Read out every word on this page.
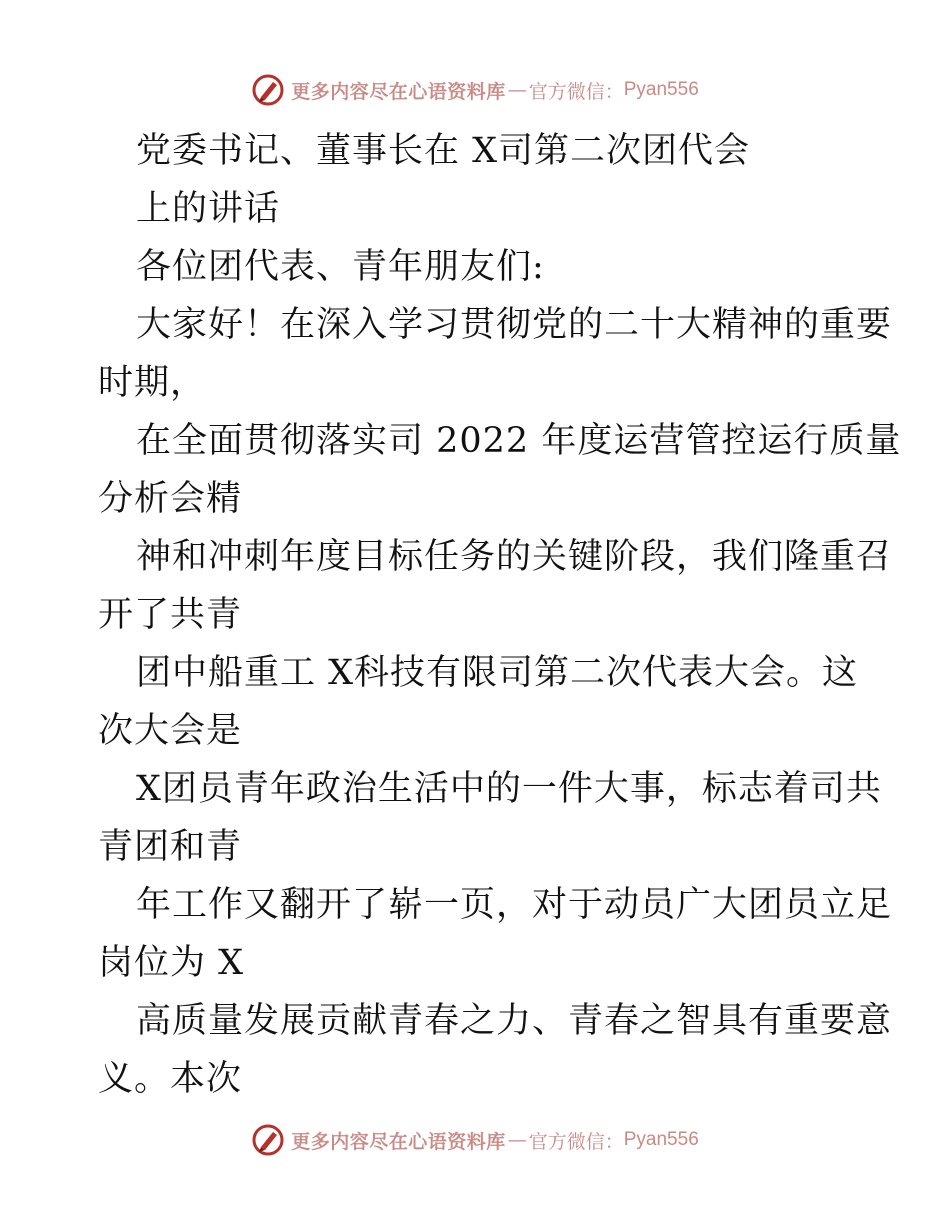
更多内容尽在心语资料库 — 官方微信： Pyan556
党委书记、董事长在 X司第二次团代会
上的讲话
各位团代表、青年朋友们:
大家好！在深入学习贯彻党的二十大精神的重要
时期，
在全面贯彻落实司 2022 年度运营管控运行质量
分析会精
神和冲刺年度目标任务的关键阶段，我们隆重召
开了共青
团中船重工 X科技有限司第二次代表大会。这
次大会是
X团员青年政治生活中的一件大事，标志着司共
青团和青
年工作又翻开了崭一页，对于动员广大团员立足
岗位为 X
高质量发展贡献青春之力、青春之智具有重要意
义。本次
更多内容尽在心语资料库 — 官方微信： Pyan556
